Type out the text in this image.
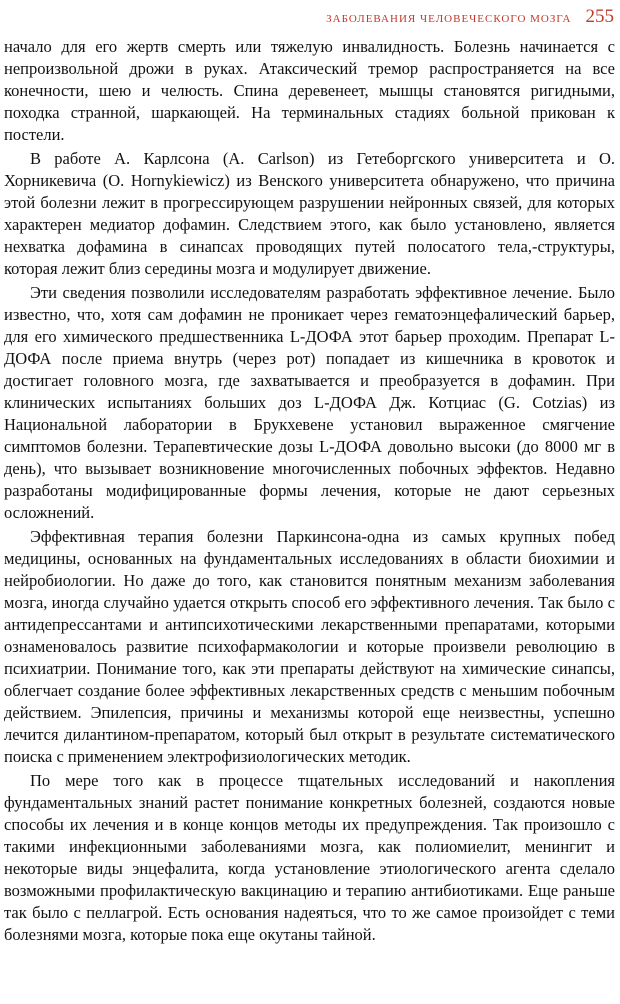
ЗАБОЛЕВАНИЯ ЧЕЛОВЕЧЕСКОГО МОЗГА 255

начало для его жертв смерть или тяжелую инвалидность. Болезнь начинается с непроизвольной дрожи в руках. Атаксический тремор распространяется на все конечности, шею и челюсть. Спина деревенеет, мышцы становятся ригидными, походка странной, шаркающей. На терминальных стадиях больной прикован к постели.

В работе А. Карлсона (A. Carlson) из Гетеборгского университета и О. Хорникевича (O. Hornykiewicz) из Венского университета обнаружено, что причина этой болезни лежит в прогрессирующем разрушении нейронных связей, для которых характерен медиатор дофамин. Следствием этого, как было установлено, является нехватка дофамина в синапсах проводящих путей полосатого тела,-структуры, которая лежит близ середины мозга и модулирует движение.

Эти сведения позволили исследователям разработать эффективное лечение. Было известно, что, хотя сам дофамин не проникает через гематоэнцефалический барьер, для его химического предшественника L-ДОФА этот барьер проходим. Препарат L-ДОФА после приема внутрь (через рот) попадает из кишечника в кровоток и достигает головного мозга, где захватывается и преобразуется в дофамин. При клинических испытаниях больших доз L-ДОФА Дж. Котциас (G. Cotzias) из Национальной лаборатории в Брукхевене установил выраженное смягчение симптомов болезни. Терапевтические дозы L-ДОФА довольно высоки (до 8000 мг в день), что вызывает возникновение многочисленных побочных эффектов. Недавно разработаны модифицированные формы лечения, которые не дают серьезных осложнений.

Эффективная терапия болезни Паркинсона-одна из самых крупных побед медицины, основанных на фундаментальных исследованиях в области биохимии и нейробиологии. Но даже до того, как становится понятным механизм заболевания мозга, иногда случайно удается открыть способ его эффективного лечения. Так было с антидепрессантами и антипсихотическими лекарственными препаратами, которыми ознаменовалось развитие психофармакологии и которые произвели революцию в психиатрии. Понимание того, как эти препараты действуют на химические синапсы, облегчает создание более эффективных лекарственных средств с меньшим побочным действием. Эпилепсия, причины и механизмы которой еще неизвестны, успешно лечится дилантином-препаратом, который был открыт в результате систематического поиска с применением электрофизиологических методик.

По мере того как в процессе тщательных исследований и накопления фундаментальных знаний растет понимание конкретных болезней, создаются новые способы их лечения и в конце концов методы их предупреждения. Так произошло с такими инфекционными заболеваниями мозга, как полиомиелит, менингит и некоторые виды энцефалита, когда установление этиологического агента сделало возможными профилактическую вакцинацию и терапию антибиотиками. Еще раньше так было с пеллагрой. Есть основания надеяться, что то же самое произойдет с теми болезнями мозга, которые пока еще окутаны тайной.
